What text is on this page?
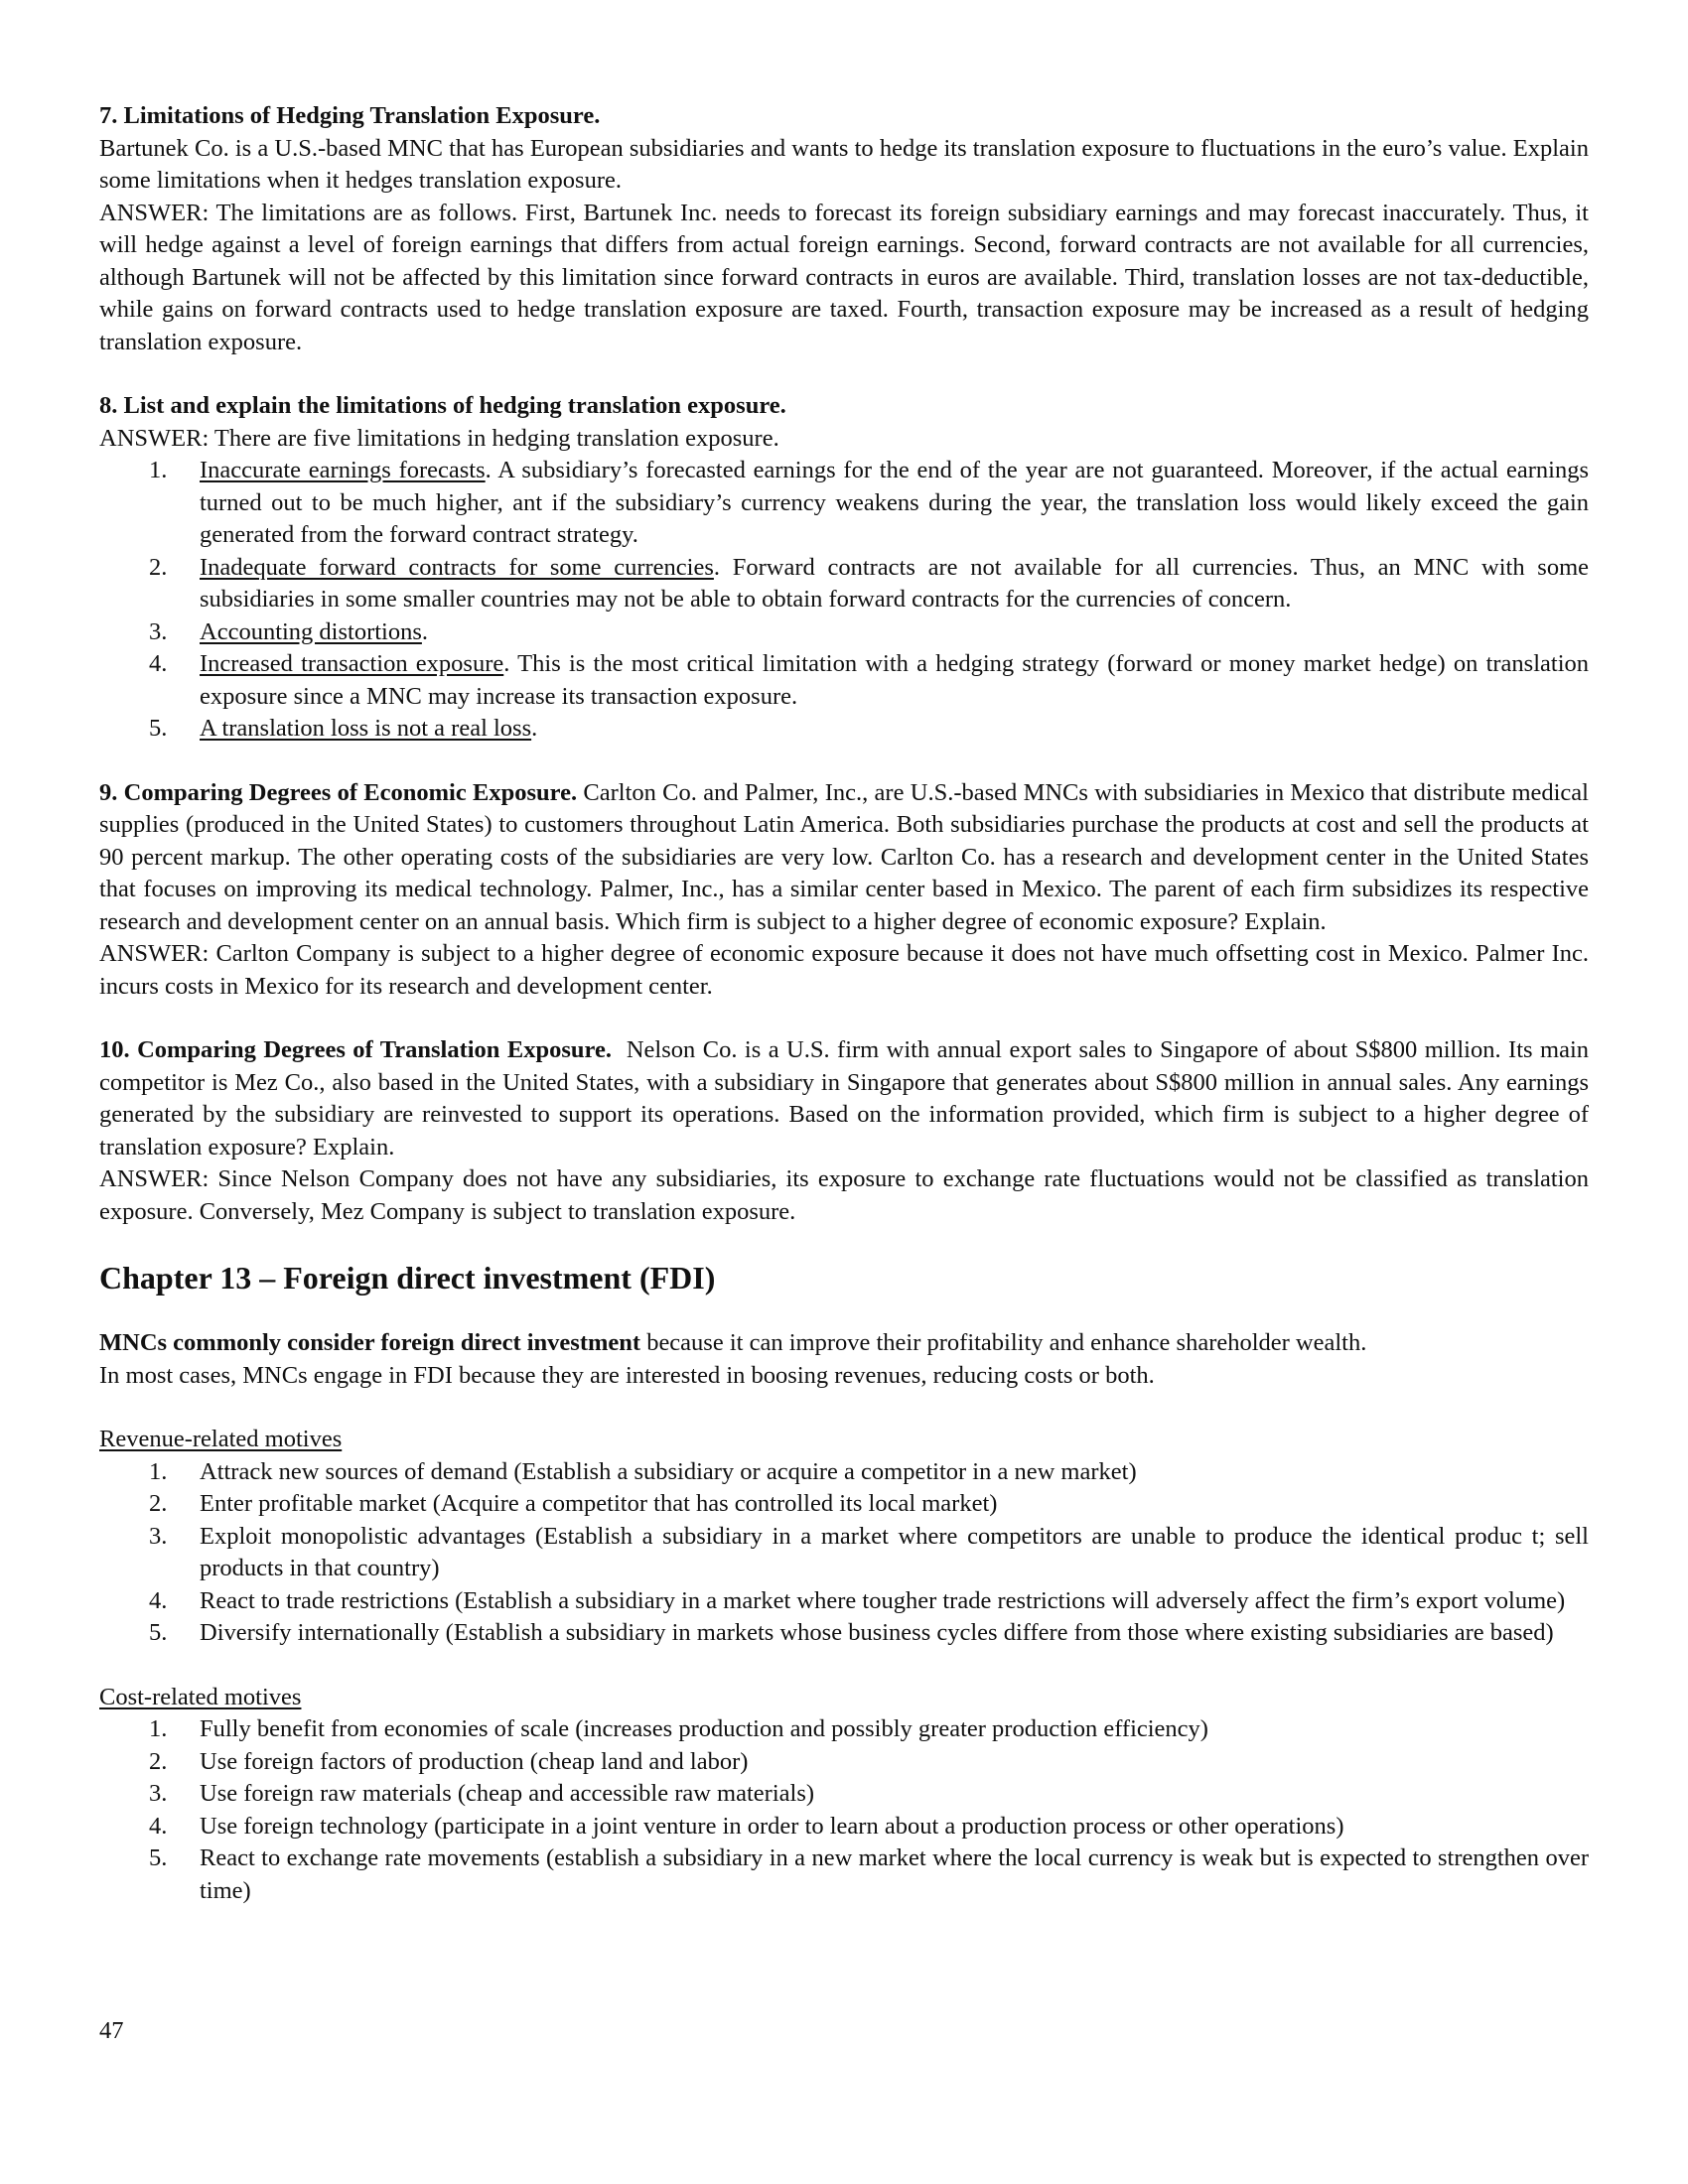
7. Limitations of Hedging Translation Exposure.

Bartunek Co. is a U.S.-based MNC that has European subsidiaries and wants to hedge its translation exposure to fluctuations in the euro’s value. Explain some limitations when it hedges translation exposure.

ANSWER: The limitations are as follows. First, Bartunek Inc. needs to forecast its foreign subsidiary earnings and may forecast inaccurately. Thus, it will hedge against a level of foreign earnings that differs from actual foreign earnings. Second, forward contracts are not available for all currencies, although Bartunek will not be affected by this limitation since forward contracts in euros are available. Third, translation losses are not tax-deductible, while gains on forward contracts used to hedge translation exposure are taxed. Fourth, transaction exposure may be increased as a result of hedging translation exposure.

8. List and explain the limitations of hedging translation exposure.

ANSWER: There are five limitations in hedging translation exposure.

1.	Inaccurate earnings forecasts. A subsidiary’s forecasted earnings for the end of the year are not guaranteed. Moreover, if the actual earnings turned out to be much higher, ant if the subsidiary’s currency weakens during the year, the translation loss would likely exceed the gain generated from the forward contract strategy.
2.	Inadequate forward contracts for some currencies. Forward contracts are not available for all currencies. Thus, an MNC with some subsidiaries in some smaller countries may not be able to obtain forward contracts for the currencies of concern.
3.	Accounting distortions.
4.	Increased transaction exposure. This is the most critical limitation with a hedging strategy (forward or money market hedge) on translation exposure since a MNC may increase its transaction exposure.
5.	A translation loss is not a real loss.

9. Comparing Degrees of Economic Exposure. Carlton Co. and Palmer, Inc., are U.S.-based MNCs with subsidiaries in Mexico that distribute medical supplies (produced in the United States) to customers throughout Latin America. Both subsidiaries purchase the products at cost and sell the products at 90 percent markup. The other operating costs of the subsidiaries are very low. Carlton Co. has a research and development center in the United States that focuses on improving its medical technology. Palmer, Inc., has a similar center based in Mexico. The parent of each firm subsidizes its respective research and development center on an annual basis. Which firm is subject to a higher degree of economic exposure? Explain.

ANSWER: Carlton Company is subject to a higher degree of economic exposure because it does not have much offsetting cost in Mexico. Palmer Inc. incurs costs in Mexico for its research and development center.

10. Comparing Degrees of Translation Exposure.  Nelson Co. is a U.S. firm with annual export sales to Singapore of about S$800 million. Its main competitor is Mez Co., also based in the United States, with a subsidiary in Singapore that generates about S$800 million in annual sales. Any earnings generated by the subsidiary are reinvested to support its operations. Based on the information provided, which firm is subject to a higher degree of translation exposure? Explain.

ANSWER: Since Nelson Company does not have any subsidiaries, its exposure to exchange rate fluctuations would not be classified as translation exposure. Conversely, Mez Company is subject to translation exposure.

Chapter 13 – Foreign direct investment (FDI)

MNCs commonly consider foreign direct investment because it can improve their profitability and enhance shareholder wealth.

In most cases, MNCs engage in FDI because they are interested in boosing revenues, reducing costs or both.

Revenue-related motives

1.	Attrack new sources of demand (Establish a subsidiary or acquire a competitor in a new market)
2.	Enter profitable market (Acquire a competitor that has controlled its local market)
3.	Exploit monopolistic advantages (Establish a subsidiary in a market where competitors are unable to produce the identical produc t; sell products in that country)
4.	React to trade restrictions (Establish a subsidiary in a market where tougher trade restrictions will adversely affect the firm’s export volume)
5.	Diversify internationally (Establish a subsidiary in markets whose business cycles differe from those where existing subsidiaries are based)

Cost-related motives

1.	Fully benefit from economies of scale (increases production and possibly greater production efficiency)
2.	Use foreign factors of production (cheap land and labor)
3.	Use foreign raw materials (cheap and accessible raw materials)
4.	Use foreign technology (participate in a joint venture in order to learn about a production process or other operations)
5.	React to exchange rate movements (establish a subsidiary in a new market where the local currency is weak but is expected to strengthen over time)
47
